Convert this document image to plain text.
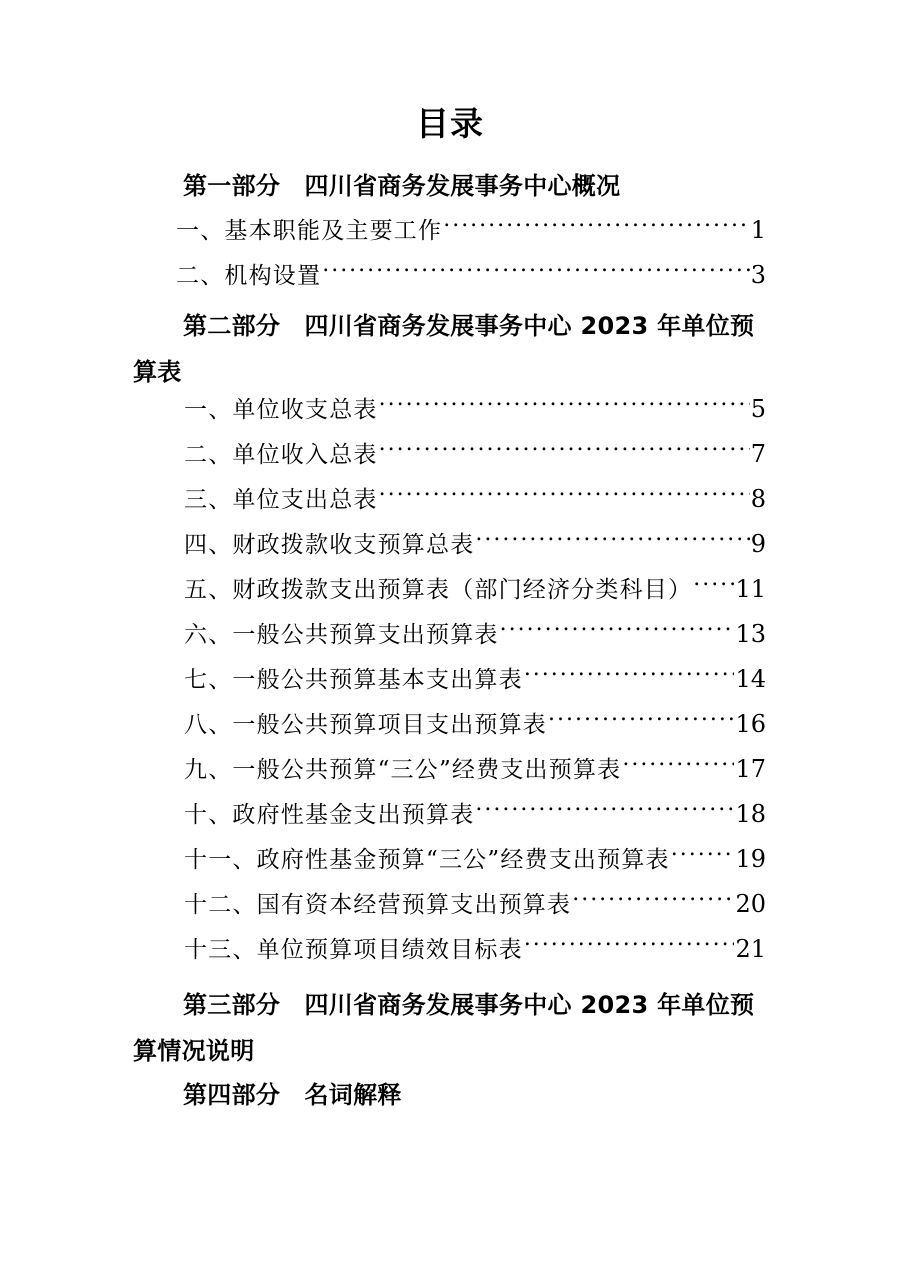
目录
第一部分　四川省商务发展事务中心概况
一、基本职能及主要工作 .....	1
二、机构设置 .....	3
第二部分　四川省商务发展事务中心 2023 年单位预算表
一、单位收支总表 .....	5
二、单位收入总表 .....	7
三、单位支出总表 .....	8
四、财政拨款收支预算总表 .....	9
五、财政拨款支出预算表（部门经济分类科目） ..... 11
六、一般公共预算支出预算表 .....	13
七、一般公共预算基本支出算表 .....	14
八、一般公共预算项目支出预算表 .....	16
九、一般公共预算“三公”经费支出预算表 .....	17
十、政府性基金支出预算表 .....	18
十一、政府性基金预算“三公”经费支出预算表 .....	19
十二、国有资本经营预算支出预算表 .....	20
十三、单位预算项目绩效目标表 .....	21
第三部分　四川省商务发展事务中心 2023 年单位预算情况说明
第四部分　名词解释
